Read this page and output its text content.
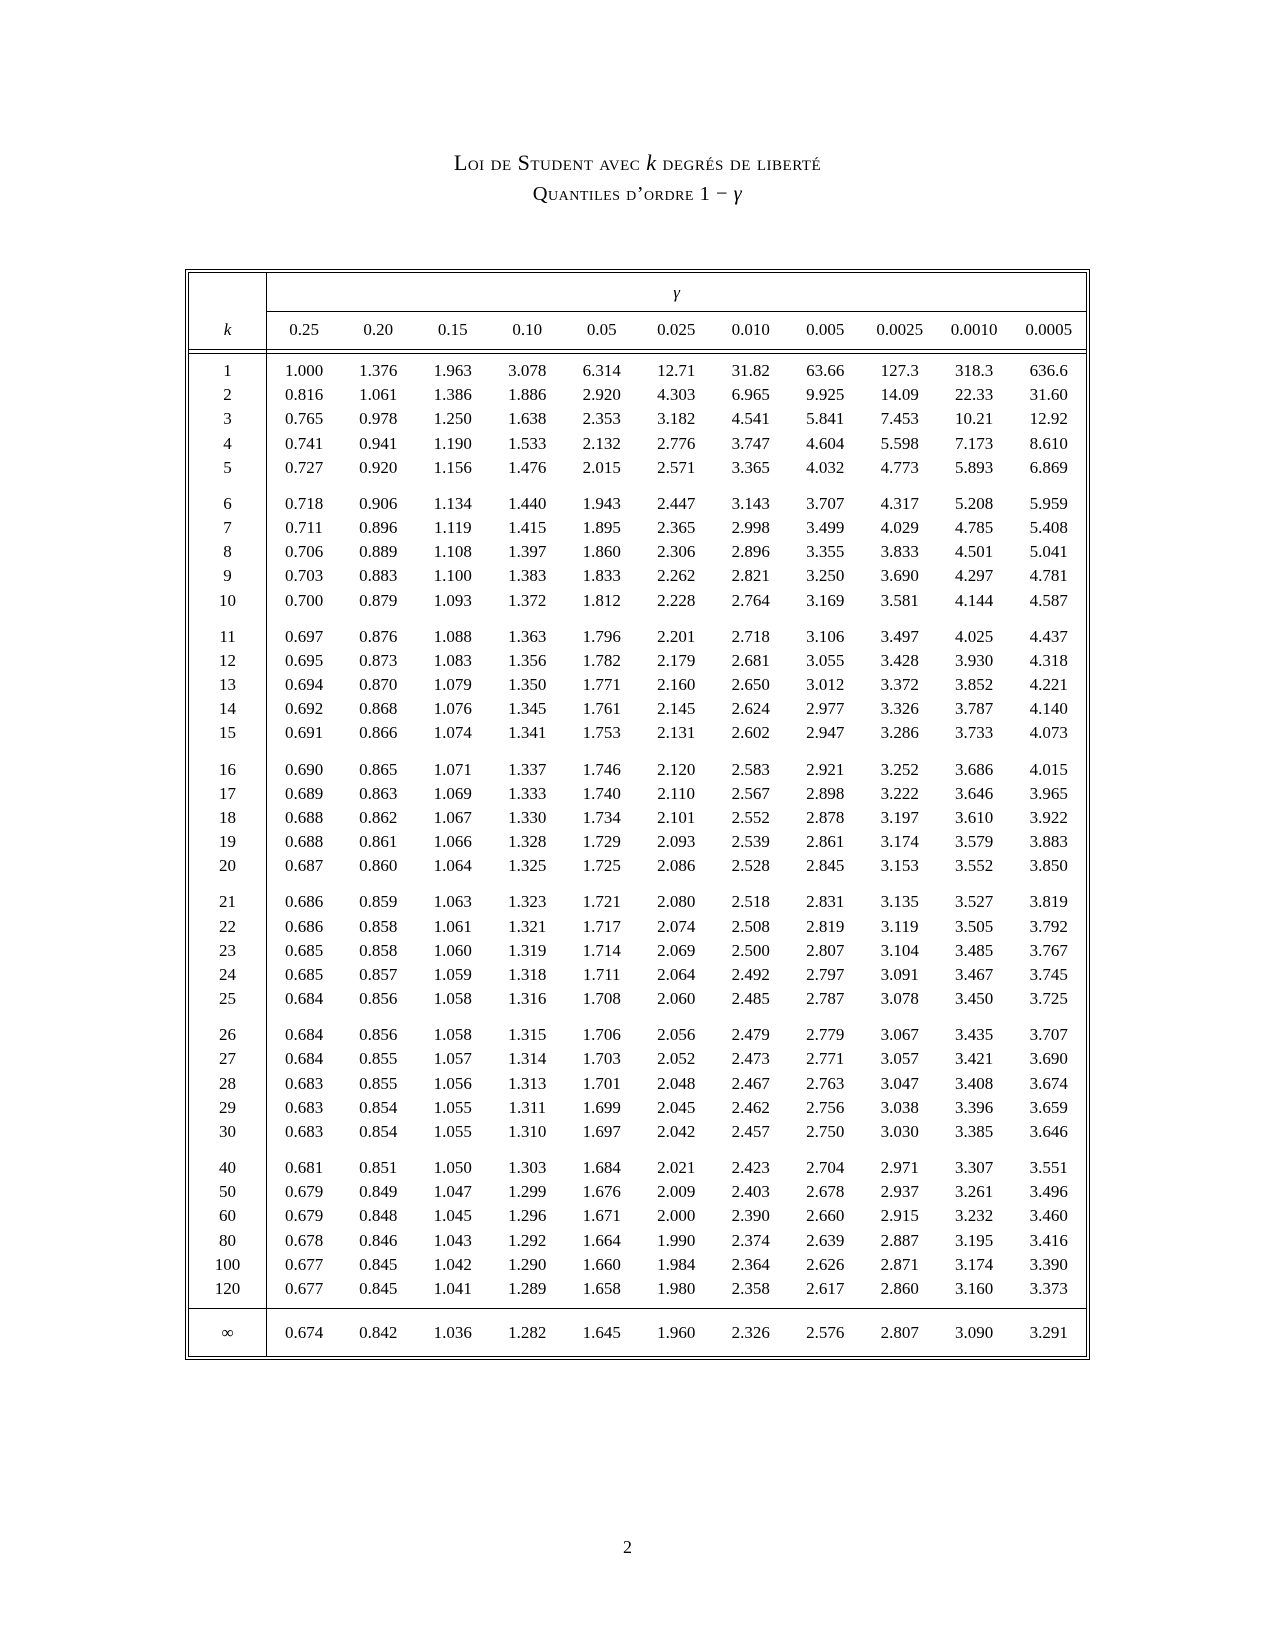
Loi de Student avec k degrés de liberté
Quantiles d’ordre 1 − γ
	γ										
k	0.25	0.20	0.15	0.10	0.05	0.025	0.010	0.005	0.0025	0.0010	0.0005

1	1.000	1.376	1.963	3.078	6.314	12.71	31.82	63.66	127.3	318.3	636.6
2	0.816	1.061	1.386	1.886	2.920	4.303	6.965	9.925	14.09	22.33	31.60
3	0.765	0.978	1.250	1.638	2.353	3.182	4.541	5.841	7.453	10.21	12.92
4	0.741	0.941	1.190	1.533	2.132	2.776	3.747	4.604	5.598	7.173	8.610
5	0.727	0.920	1.156	1.476	2.015	2.571	3.365	4.032	4.773	5.893	6.869
6	0.718	0.906	1.134	1.440	1.943	2.447	3.143	3.707	4.317	5.208	5.959
7	0.711	0.896	1.119	1.415	1.895	2.365	2.998	3.499	4.029	4.785	5.408
8	0.706	0.889	1.108	1.397	1.860	2.306	2.896	3.355	3.833	4.501	5.041
9	0.703	0.883	1.100	1.383	1.833	2.262	2.821	3.250	3.690	4.297	4.781
10	0.700	0.879	1.093	1.372	1.812	2.228	2.764	3.169	3.581	4.144	4.587
11	0.697	0.876	1.088	1.363	1.796	2.201	2.718	3.106	3.497	4.025	4.437
12	0.695	0.873	1.083	1.356	1.782	2.179	2.681	3.055	3.428	3.930	4.318
13	0.694	0.870	1.079	1.350	1.771	2.160	2.650	3.012	3.372	3.852	4.221
14	0.692	0.868	1.076	1.345	1.761	2.145	2.624	2.977	3.326	3.787	4.140
15	0.691	0.866	1.074	1.341	1.753	2.131	2.602	2.947	3.286	3.733	4.073
16	0.690	0.865	1.071	1.337	1.746	2.120	2.583	2.921	3.252	3.686	4.015
17	0.689	0.863	1.069	1.333	1.740	2.110	2.567	2.898	3.222	3.646	3.965
18	0.688	0.862	1.067	1.330	1.734	2.101	2.552	2.878	3.197	3.610	3.922
19	0.688	0.861	1.066	1.328	1.729	2.093	2.539	2.861	3.174	3.579	3.883
20	0.687	0.860	1.064	1.325	1.725	2.086	2.528	2.845	3.153	3.552	3.850
21	0.686	0.859	1.063	1.323	1.721	2.080	2.518	2.831	3.135	3.527	3.819
22	0.686	0.858	1.061	1.321	1.717	2.074	2.508	2.819	3.119	3.505	3.792
23	0.685	0.858	1.060	1.319	1.714	2.069	2.500	2.807	3.104	3.485	3.767
24	0.685	0.857	1.059	1.318	1.711	2.064	2.492	2.797	3.091	3.467	3.745
25	0.684	0.856	1.058	1.316	1.708	2.060	2.485	2.787	3.078	3.450	3.725
26	0.684	0.856	1.058	1.315	1.706	2.056	2.479	2.779	3.067	3.435	3.707
27	0.684	0.855	1.057	1.314	1.703	2.052	2.473	2.771	3.057	3.421	3.690
28	0.683	0.855	1.056	1.313	1.701	2.048	2.467	2.763	3.047	3.408	3.674
29	0.683	0.854	1.055	1.311	1.699	2.045	2.462	2.756	3.038	3.396	3.659
30	0.683	0.854	1.055	1.310	1.697	2.042	2.457	2.750	3.030	3.385	3.646
40	0.681	0.851	1.050	1.303	1.684	2.021	2.423	2.704	2.971	3.307	3.551
50	0.679	0.849	1.047	1.299	1.676	2.009	2.403	2.678	2.937	3.261	3.496
60	0.679	0.848	1.045	1.296	1.671	2.000	2.390	2.660	2.915	3.232	3.460
80	0.678	0.846	1.043	1.292	1.664	1.990	2.374	2.639	2.887	3.195	3.416
100	0.677	0.845	1.042	1.290	1.660	1.984	2.364	2.626	2.871	3.174	3.390
120	0.677	0.845	1.041	1.289	1.658	1.980	2.358	2.617	2.860	3.160	3.373
∞	0.674	0.842	1.036	1.282	1.645	1.960	2.326	2.576	2.807	3.090	3.291
2
